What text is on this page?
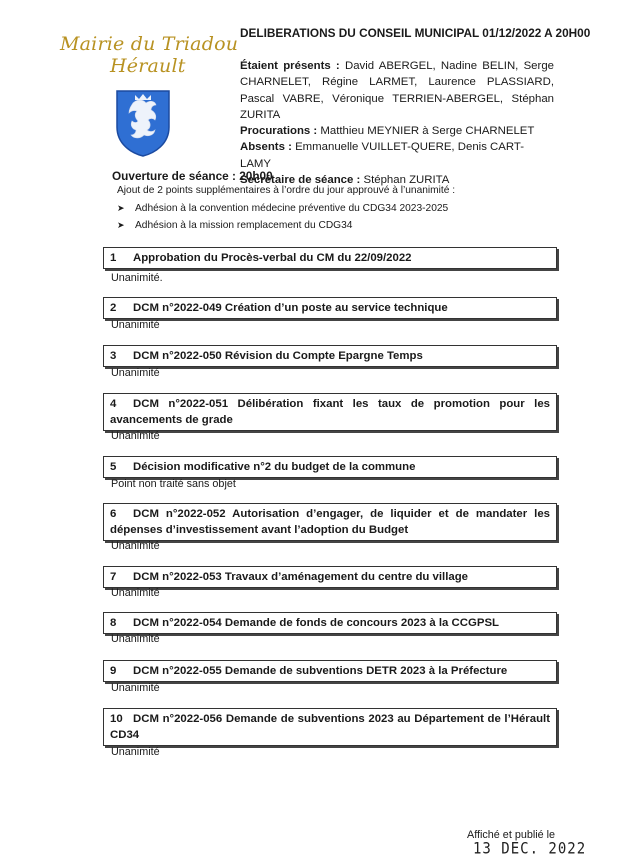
Mairie du Triadou
Hérault
DELIBERATIONS DU CONSEIL MUNICIPAL 01/12/2022 A 20H00
Étaient présents : David ABERGEL, Nadine BELIN, Serge CHARNELET, Régine LARMET, Laurence PLASSIARD, Pascal VABRE, Véronique TERRIEN-ABERGEL, Stéphan ZURITA
Procurations : Matthieu MEYNIER à Serge CHARNELET
Absents : Emmanuelle VUILLET-QUERE, Denis CART-LAMY
Secrétaire de séance : Stéphan ZURITA
Ouverture de séance : 20h00
Ajout de 2 points supplémentaires à l’ordre du jour approuvé à l’unanimité :
➤	Adhésion à la convention médecine préventive du CDG34 2023-2025
➤	Adhésion à la mission remplacement du CDG34
1 Approbation du Procès-verbal du CM du 22/09/2022
Unanimité.
2 DCM n°2022-049 Création d’un poste au service technique
Unanimité
3 DCM n°2022-050 Révision du Compte Epargne Temps
Unanimité
4 DCM n°2022-051 Délibération fixant les taux de promotion pour les avancements de grade
Unanimité
5 Décision modificative n°2 du budget de la commune
Point non traité sans objet
6 DCM n°2022-052 Autorisation d’engager, de liquider et de mandater les dépenses d’investissement avant l’adoption du Budget
Unanimité
7 DCM n°2022-053 Travaux d’aménagement du centre du village
Unanimité
8 DCM n°2022-054 Demande de fonds de concours 2023 à la CCGPSL
Unanimité
9 DCM n°2022-055 Demande de subventions DETR 2023 à la Préfecture
Unanimité
10 DCM n°2022-056 Demande de subventions 2023 au Département de l’Hérault CD34
Unanimité
Affiché et publié le 13 DEC. 2022
